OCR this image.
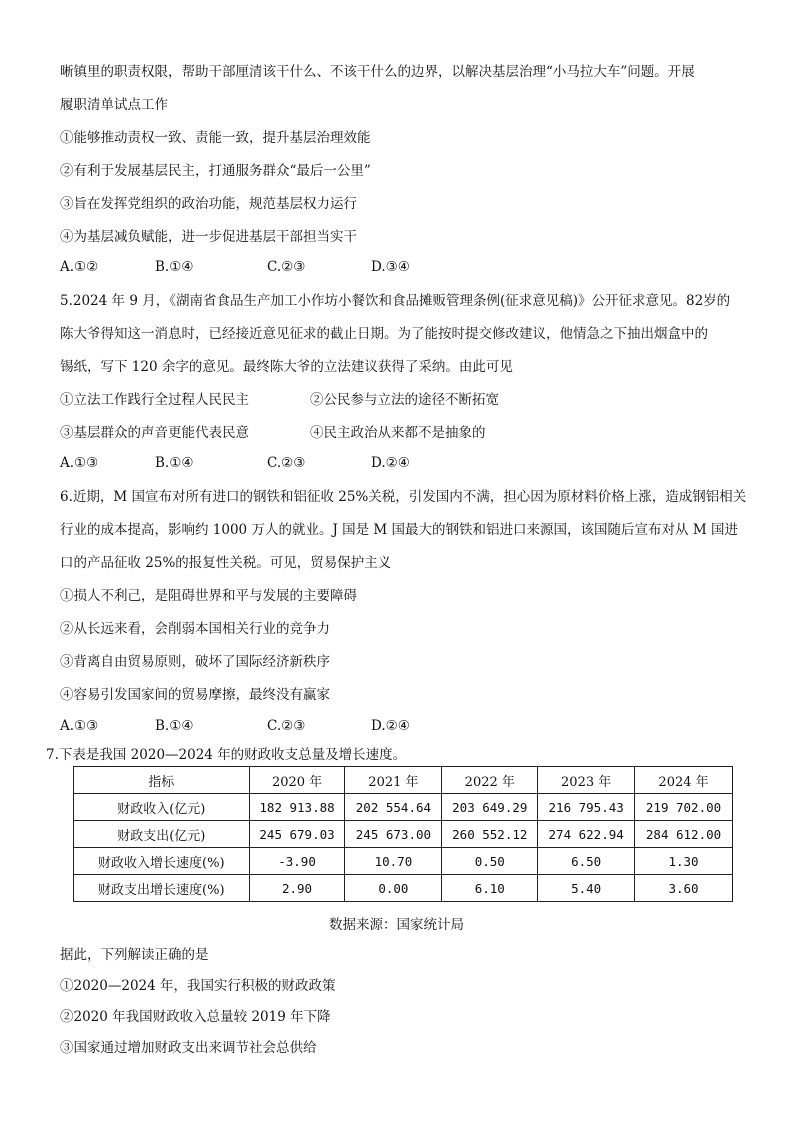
晰镇里的职责权限，帮助干部厘清该干什么、不该干什么的边界，以解决基层治理“小马拉大车”问题。开展
履职清单试点工作
①能够推动责权一致、责能一致，提升基层治理效能
②有利于发展基层民主，打通服务群众“最后一公里”
③旨在发挥党组织的政治功能，规范基层权力运行
④为基层减负赋能，进一步促进基层干部担当实干
A.①②	B.①④	C.②③	D.③④
5.2024 年 9 月，《湖南省食品生产加工小作坊小餐饮和食品摊贩管理条例(征求意见稿)》公开征求意见。82岁的
陈大爷得知这一消息时，已经接近意见征求的截止日期。为了能按时提交修改建议，他情急之下抽出烟盒中的
锡纸，写下 120 余字的意见。最终陈大爷的立法建议获得了采纳。由此可见
①立法工作践行全过程人民民主	②公民参与立法的途径不断拓宽
③基层群众的声音更能代表民意	④民主政治从来都不是抽象的
A.①③	B.①④	C.②③	D.②④
6.近期，M 国宣布对所有进口的钢铁和铝征收 25%关税，引发国内不满，担心因为原材料价格上涨，造成钢铝相关
行业的成本提高，影响约 1000 万人的就业。J 国是 M 国最大的钢铁和铝进口来源国，该国随后宣布对从 M 国进
口的产品征收 25%的报复性关税。可见，贸易保护主义
①损人不利己，是阻碍世界和平与发展的主要障碍
②从长远来看，会削弱本国相关行业的竞争力
③背离自由贸易原则，破坏了国际经济新秩序
④容易引发国家间的贸易摩擦，最终没有赢家
A.①③	B.①④	C.②③	D.②④
7.下表是我国 2020—2024 年的财政收支总量及增长速度。
指标	2020 年	2021 年	2022 年	2023 年	2024 年
财政收入(亿元)	182 913.88	202 554.64	203 649.29	216 795.43	219 702.00
财政支出(亿元)	245 679.03	245 673.00	260 552.12	274 622.94	284 612.00
财政收入增长速度(%)	-3.90	10.70	0.50	6.50	1.30
财政支出增长速度(%)	2.90	0.00	6.10	5.40	3.60
数据来源：国家统计局
据此，下列解读正确的是
①2020—2024 年，我国实行积极的财政政策
②2020 年我国财政收入总量较 2019 年下降
③国家通过增加财政支出来调节社会总供给
